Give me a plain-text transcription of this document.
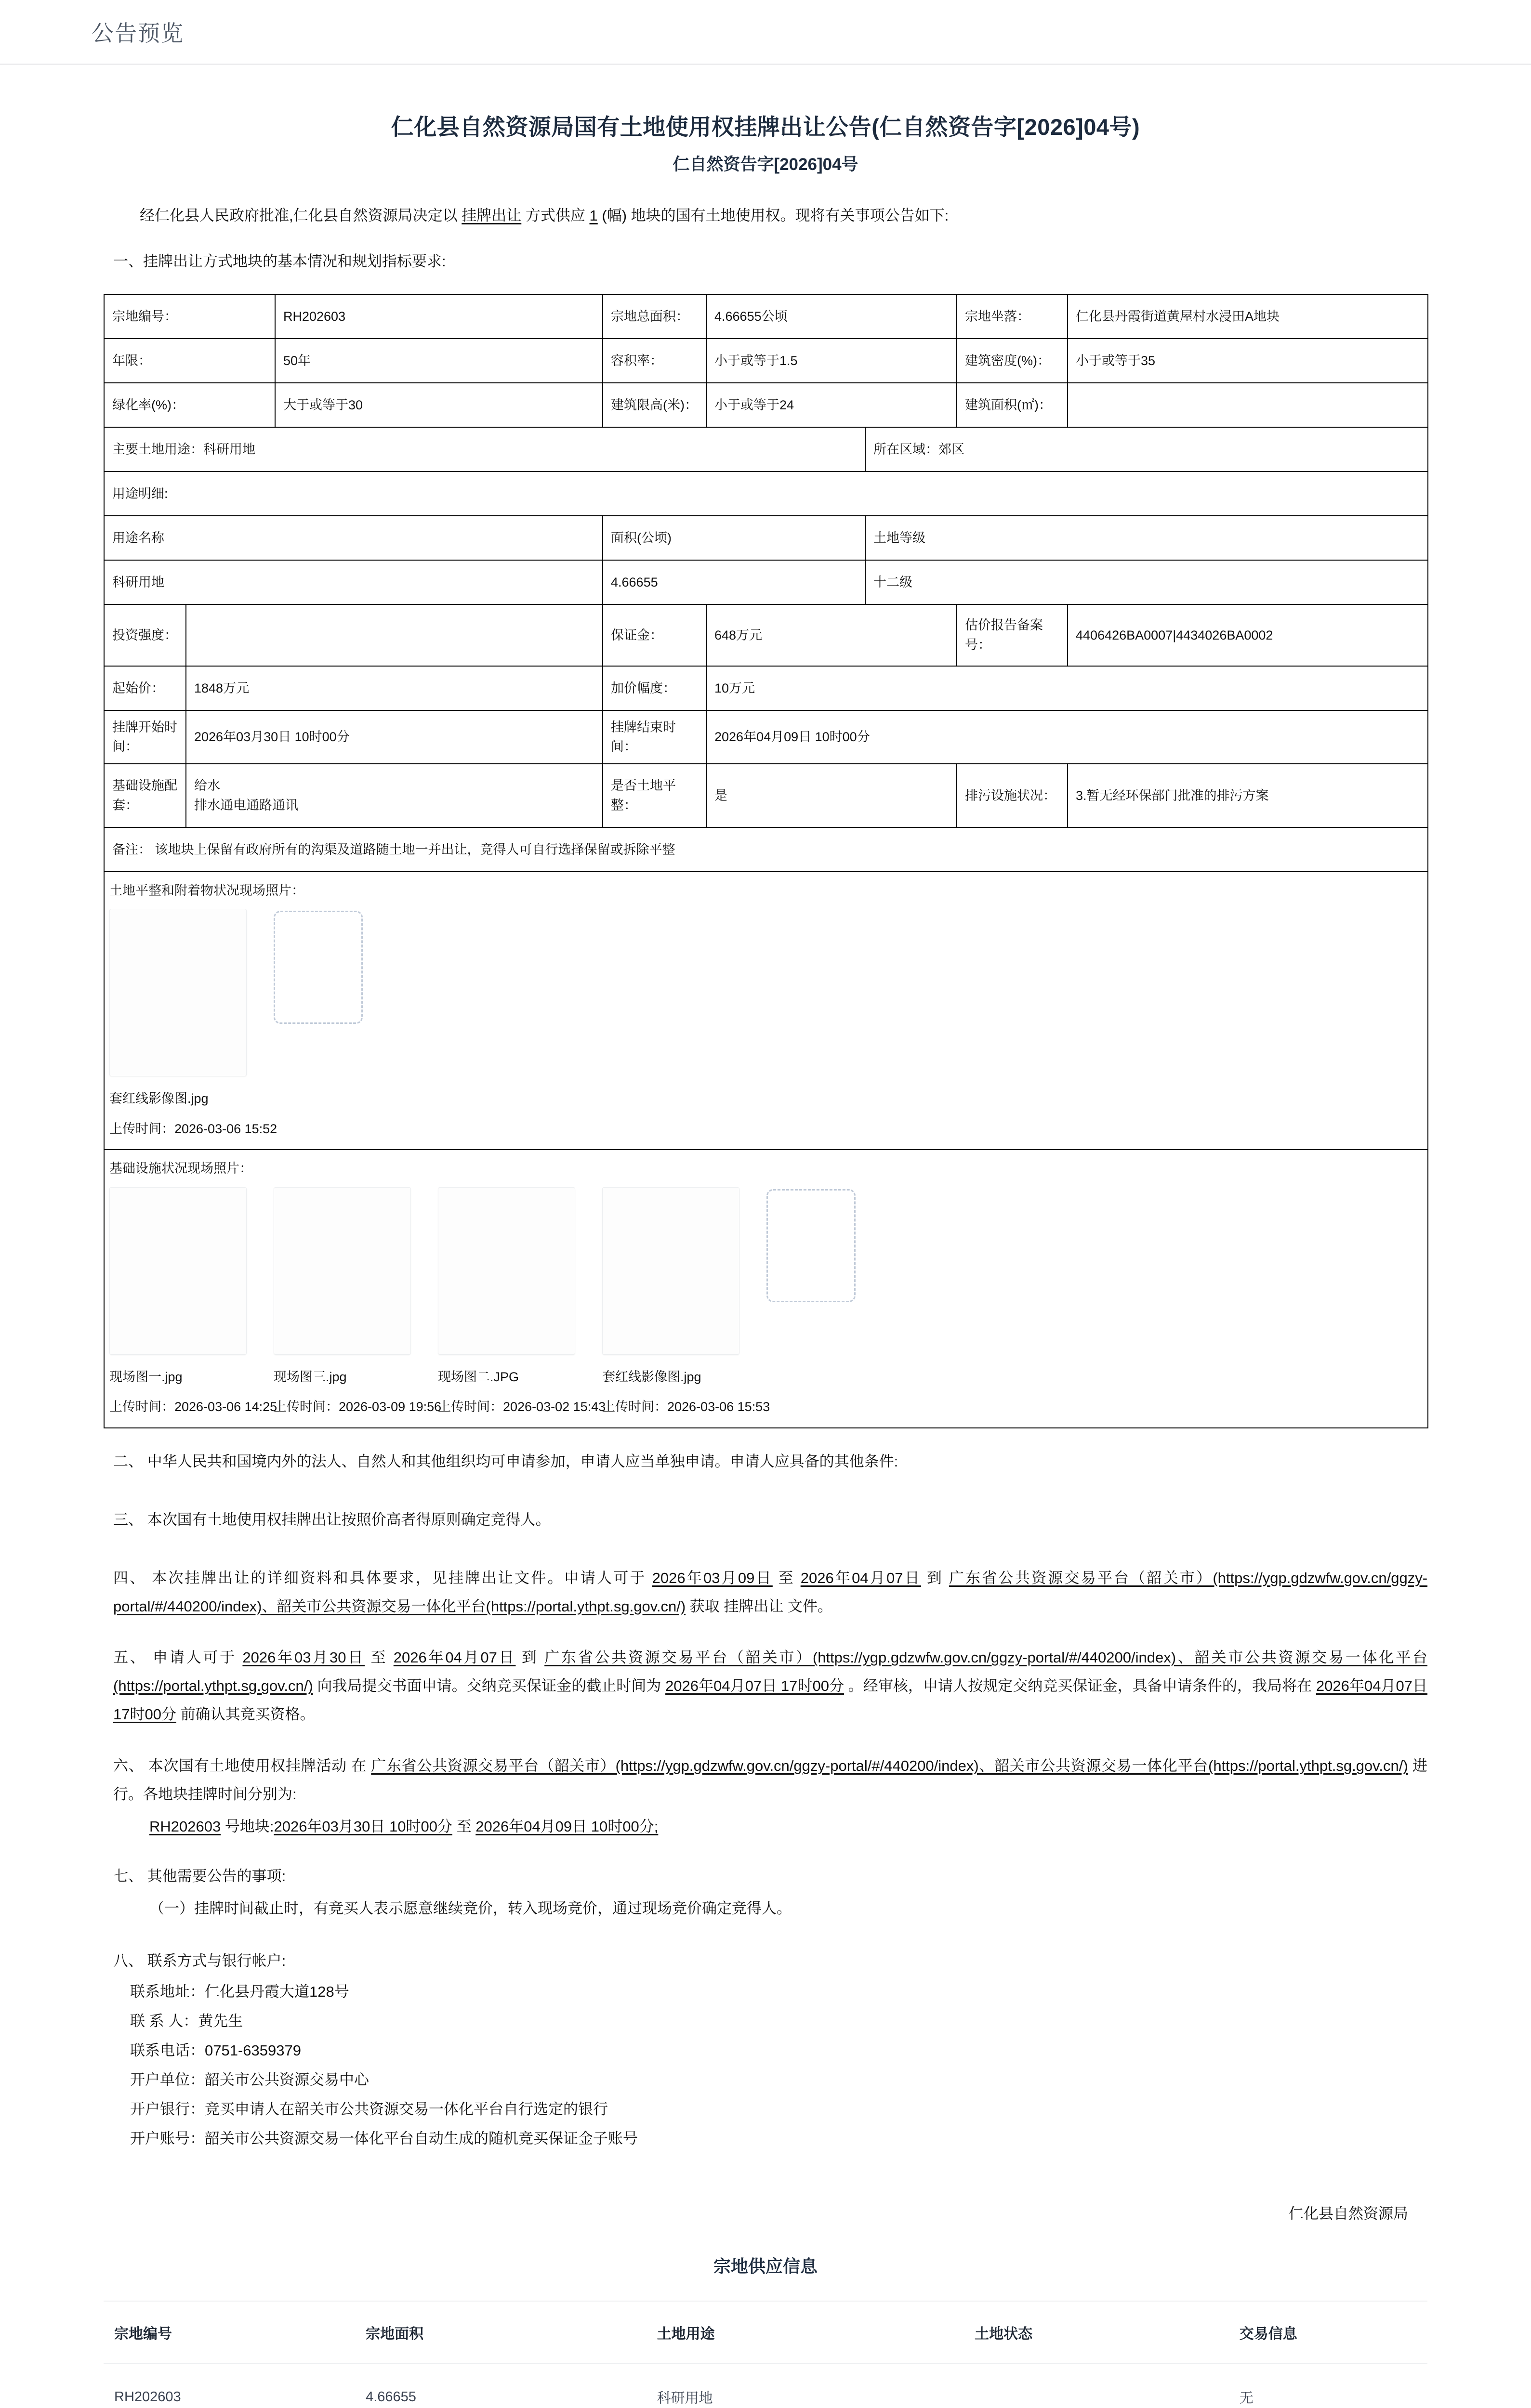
公告预览
仁化县自然资源局国有土地使用权挂牌出让公告(仁自然资告字[2026]04号)
仁自然资告字[2026]04号
经仁化县人民政府批准,仁化县自然资源局决定以 挂牌出让 方式供应 1 (幅) 地块的国有土地使用权。现将有关事项公告如下:
一、挂牌出让方式地块的基本情况和规划指标要求:
宗地编号：		RH202603	宗地总面积：	4.66655公顷		宗地坐落：	仁化县丹霞街道黄屋村水浸田A地块
年限：		50年	容积率：	小于或等于1.5		建筑密度(%)：	小于或等于35
绿化率(%)：		大于或等于30	建筑限高(米)：	小于或等于24		建筑面积(㎡)：	
主要土地用途：科研用地					所在区域：郊区		
用途明细:							
用途名称			面积(公顷)		土地等级		
科研用地			4.66655		十二级		
投资强度：			保证金：	648万元		估价报告备案号：	4406426BA0007|4434026BA0002
起始价：	1848万元		加价幅度：	10万元			
挂牌开始时间：	2026年03月30日 10时00分		挂牌结束时间：	2026年04月09日 10时00分			
基础设施配套：	给水
排水通电通路通讯		是否土地平整：	是		排污设施状况：	3.暂无经环保部门批准的排污方案
备注： 该地块上保留有政府所有的沟渠及道路随土地一并出让，竞得人可自行选择保留或拆除平整							

土地平整和附着物状况现场照片：
套红线影像图.jpg
上传时间：2026-03-06 15:52							

基础设施状况现场照片：
现场图一.jpg
上传时间：2026-03-06 14:25
现场图三.jpg
上传时间：2026-03-09 19:56
现场图二.JPG
上传时间：2026-03-02 15:43
套红线影像图.jpg
上传时间：2026-03-06 15:53
二、 中华人民共和国境内外的法人、自然人和其他组织均可申请参加，申请人应当单独申请。申请人应具备的其他条件:
三、 本次国有土地使用权挂牌出让按照价高者得原则确定竞得人。
四、 本次挂牌出让的详细资料和具体要求，见挂牌出让文件。申请人可于 2026年03月09日 至 2026年04月07日 到 广东省公共资源交易平台（韶关市）(https://ygp.gdzwfw.gov.cn/ggzy-portal/#/440200/index)、韶关市公共资源交易一体化平台(https://portal.ythpt.sg.gov.cn/) 获取 挂牌出让 文件。
五、 申请人可于 2026年03月30日 至 2026年04月07日 到 广东省公共资源交易平台（韶关市）(https://ygp.gdzwfw.gov.cn/ggzy-portal/#/440200/index)、韶关市公共资源交易一体化平台(https://portal.ythpt.sg.gov.cn/) 向我局提交书面申请。交纳竞买保证金的截止时间为 2026年04月07日 17时00分 。经审核，申请人按规定交纳竞买保证金，具备申请条件的，我局将在 2026年04月07日 17时00分 前确认其竞买资格。
六、 本次国有土地使用权挂牌活动 在 广东省公共资源交易平台（韶关市）(https://ygp.gdzwfw.gov.cn/ggzy-portal/#/440200/index)、韶关市公共资源交易一体化平台(https://portal.ythpt.sg.gov.cn/) 进行。各地块挂牌时间分别为:
RH202603 号地块:2026年03月30日 10时00分 至 2026年04月09日 10时00分;
七、 其他需要公告的事项:
（一）挂牌时间截止时，有竞买人表示愿意继续竞价，转入现场竞价，通过现场竞价确定竞得人。
八、 联系方式与银行帐户:
联系地址：仁化县丹霞大道128号
联 系 人：黄先生
联系电话：0751-6359379
开户单位：韶关市公共资源交易中心
开户银行：竞买申请人在韶关市公共资源交易一体化平台自行选定的银行
开户账号：韶关市公共资源交易一体化平台自动生成的随机竞买保证金子账号
仁化县自然资源局
宗地供应信息
宗地编号	宗地面积	土地用途	土地状态	交易信息
RH202603	4.66655	科研用地		无
